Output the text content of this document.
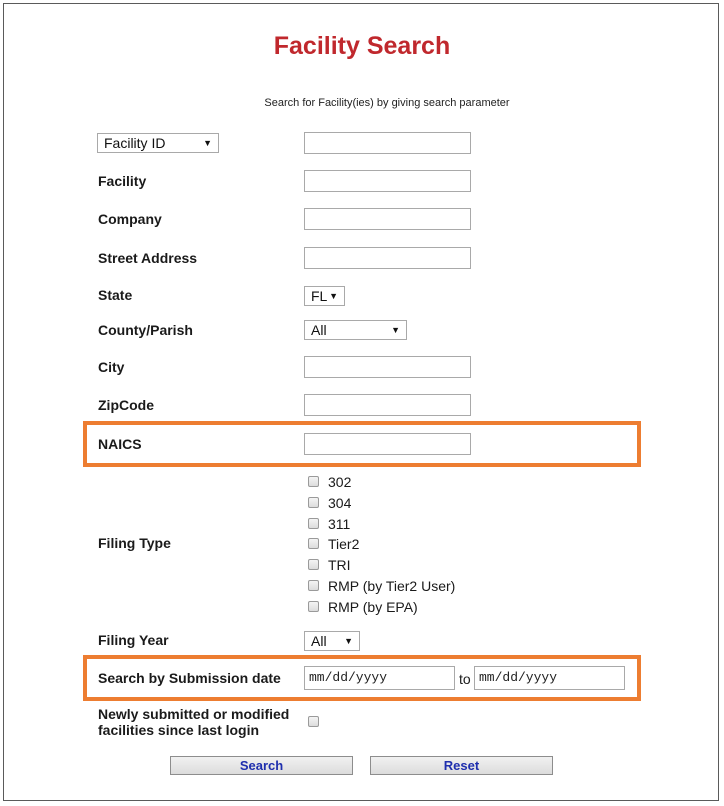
Facility Search
Search for Facility(ies) by giving search parameter
Facility ID	▼
Facility
Company
Street Address
State	FL ▼
County/Parish	All	▼
City
ZipCode
NAICS
Filing Type
302
304
311
Tier2
TRI
RMP (by Tier2 User)
RMP (by EPA)
Filing Year	All ▼
Search by Submission date	mm/dd/yyyy	to mm/dd/yyyy
Newly submitted or modified
facilities since last login
Search	Reset
